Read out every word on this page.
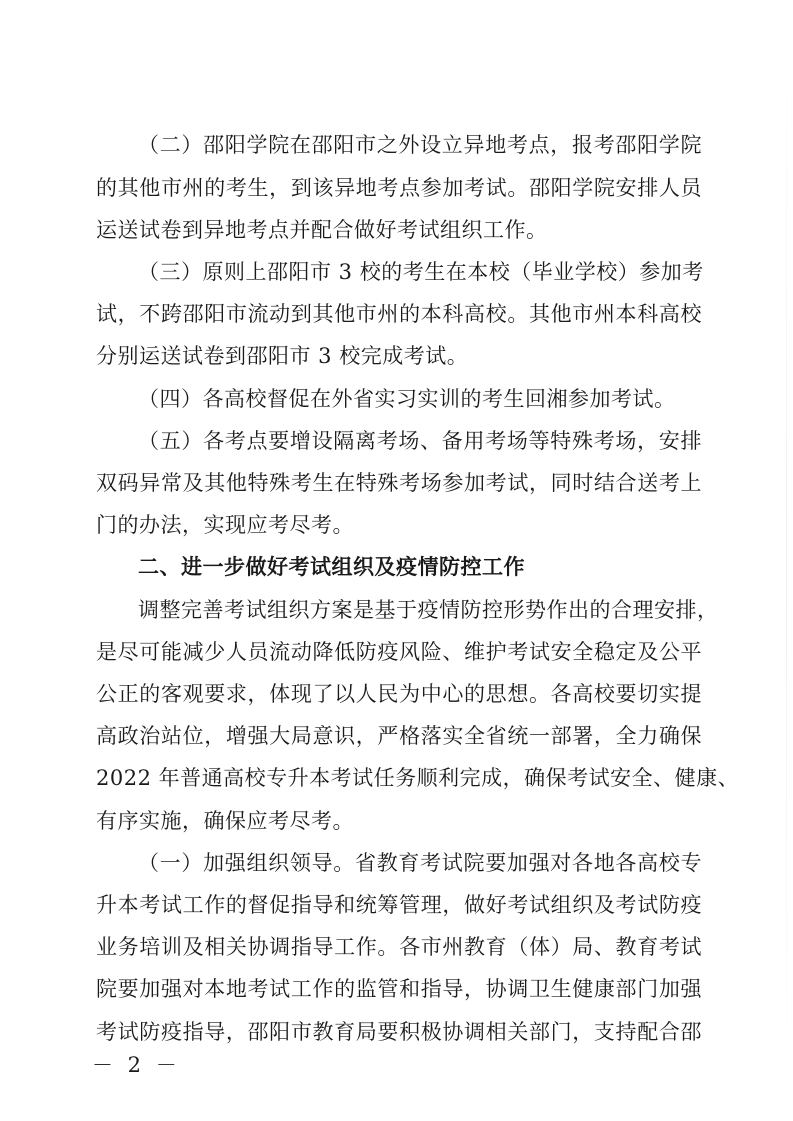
（二）邵阳学院在邵阳市之外设立异地考点，报考邵阳学院
的其他市州的考生，到该异地考点参加考试。邵阳学院安排人员
运送试卷到异地考点并配合做好考试组织工作。
（三）原则上邵阳市 3 校的考生在本校（毕业学校）参加考
试，不跨邵阳市流动到其他市州的本科高校。其他市州本科高校
分别运送试卷到邵阳市 3 校完成考试。
（四）各高校督促在外省实习实训的考生回湘参加考试。
（五）各考点要增设隔离考场、备用考场等特殊考场，安排
双码异常及其他特殊考生在特殊考场参加考试，同时结合送考上
门的办法，实现应考尽考。
二、进一步做好考试组织及疫情防控工作
调整完善考试组织方案是基于疫情防控形势作出的合理安排，
是尽可能减少人员流动降低防疫风险、维护考试安全稳定及公平
公正的客观要求，体现了以人民为中心的思想。各高校要切实提
高政治站位，增强大局意识，严格落实全省统一部署，全力确保
2022 年普通高校专升本考试任务顺利完成，确保考试安全、健康、
有序实施，确保应考尽考。
（一）加强组织领导。省教育考试院要加强对各地各高校专
升本考试工作的督促指导和统筹管理，做好考试组织及考试防疫
业务培训及相关协调指导工作。各市州教育（体）局、教育考试
院要加强对本地考试工作的监管和指导，协调卫生健康部门加强
考试防疫指导，邵阳市教育局要积极协调相关部门，支持配合邵
－ 2 －
